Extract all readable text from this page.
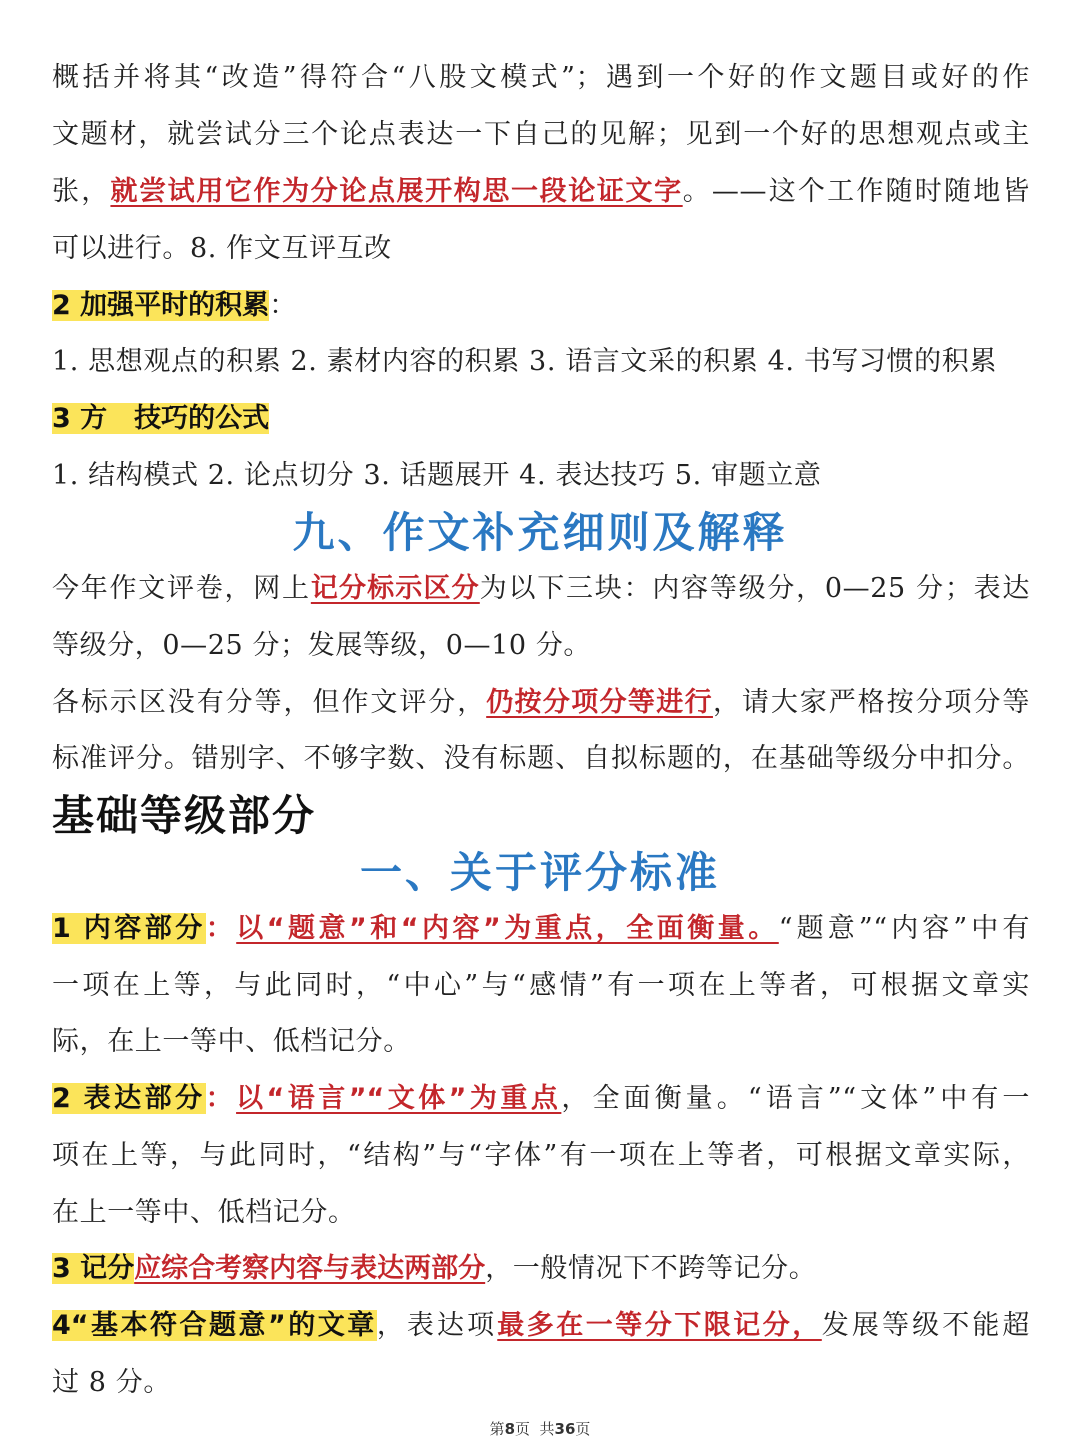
概括并将其“改造”得符合“八股文模式”；遇到一个好的作文题目或好的作
文题材，就尝试分三个论点表达一下自己的见解；见到一个好的思想观点或主
张，就尝试用它作为分论点展开构思一段论证文字。——这个工作随时随地皆
可以进行。8. 作文互评互改
2 加强平时的积累：
1. 思想观点的积累 2. 素材内容的积累 3. 语言文采的积累 4. 书写习惯的积累
3 方　技巧的公式
1. 结构模式 2. 论点切分 3. 话题展开 4. 表达技巧 5. 审题立意
九、作文补充细则及解释
今年作文评卷，网上记分标示区分为以下三块：内容等级分，0—25 分；表达
等级分，0—25 分；发展等级，0—10 分。
各标示区没有分等，但作文评分，仍按分项分等进行，请大家严格按分项分等
标准评分。错别字、不够字数、没有标题、自拟标题的，在基础等级分中扣分。
基础等级部分
一、关于评分标准
1 内容部分：以“题意”和“内容”为重点，全面衡量。“题意”“内容”中有
一项在上等，与此同时，“中心”与“感情”有一项在上等者，可根据文章实
际，在上一等中、低档记分。
2 表达部分：以“语言”“文体”为重点，全面衡量。“语言”“文体”中有一
项在上等，与此同时，“结构”与“字体”有一项在上等者，可根据文章实际，
在上一等中、低档记分。
3 记分应综合考察内容与表达两部分，一般情况下不跨等记分。
4“基本符合题意”的文章，表达项最多在一等分下限记分，发展等级不能超
过 8 分。
第8页  共36页
